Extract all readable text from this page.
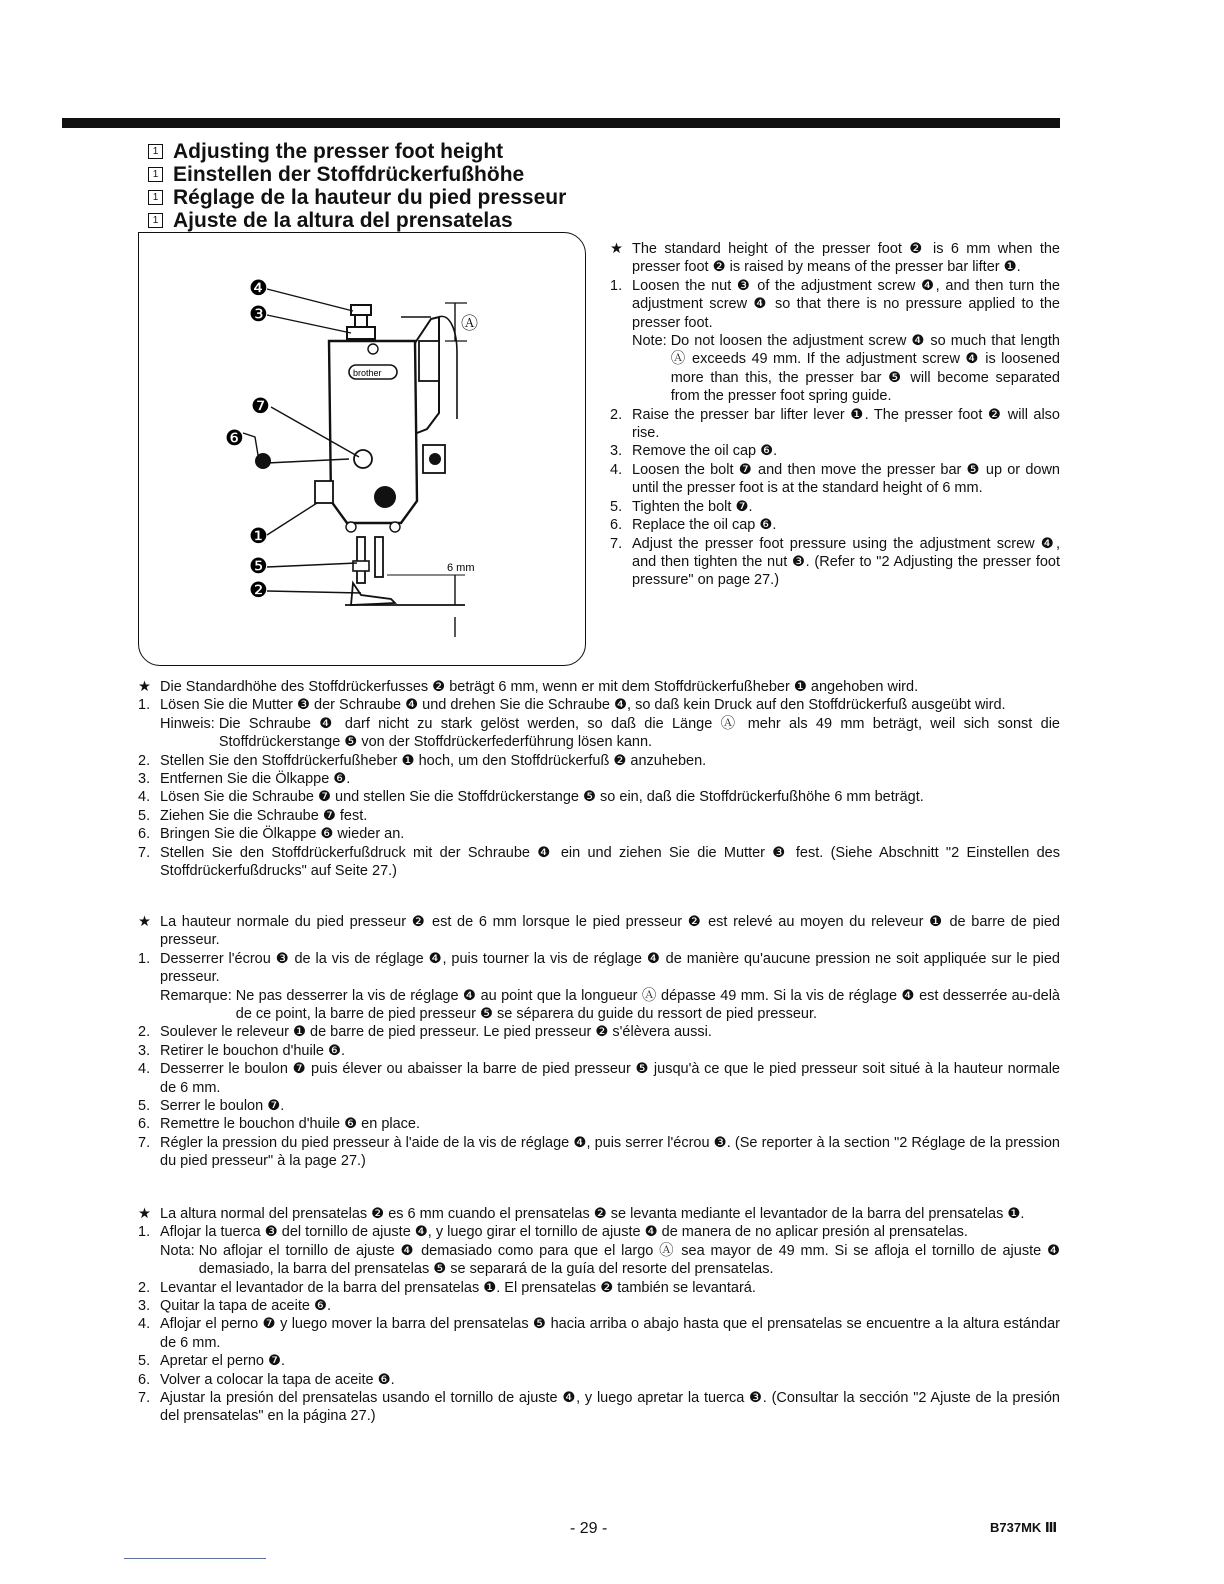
1 Adjusting the presser foot height
1 Einstellen der Stoffdrückerfußhöhe
1 Réglage de la hauteur du pied presseur
1 Ajuste de la altura del prensatelas
brother
6 mm
Ⓐ
❹
❸
❼
❻
❶
❺
❷
★ The standard height of the presser foot ❷ is 6 mm when the presser foot ❷ is raised by means of the presser bar lifter ❶.
1. Loosen the nut ❸ of the adjustment screw ❹, and then turn the adjustment screw ❹ so that there is no pressure applied to the presser foot.
Note: Do not loosen the adjustment screw ❹ so much that length Ⓐ exceeds 49 mm. If the adjustment screw ❹ is loosened more than this, the presser bar ❺ will become separated from the presser foot spring guide.
2. Raise the presser bar lifter lever ❶. The presser foot ❷ will also rise.
3. Remove the oil cap ❻.
4. Loosen the bolt ❼ and then move the presser bar ❺ up or down until the presser foot is at the standard height of 6 mm.
5. Tighten the bolt ❼.
6. Replace the oil cap ❻.
7. Adjust the presser foot pressure using the adjustment screw ❹, and then tighten the nut ❸. (Refer to "2 Adjusting the presser foot pressure" on page 27.)
★ Die Standardhöhe des Stoffdrückerfusses ❷ beträgt 6 mm, wenn er mit dem Stoffdrückerfußheber ❶ angehoben wird.
1. Lösen Sie die Mutter ❸ der Schraube ❹ und drehen Sie die Schraube ❹, so daß kein Druck auf den Stoffdrückerfuß ausgeübt wird.
Hinweis: Die Schraube ❹ darf nicht zu stark gelöst werden, so daß die Länge Ⓐ mehr als 49 mm beträgt, weil sich sonst die Stoffdrückerstange ❺ von der Stoffdrückerfederführung lösen kann.
2. Stellen Sie den Stoffdrückerfußheber ❶ hoch, um den Stoffdrückerfuß ❷ anzuheben.
3. Entfernen Sie die Ölkappe ❻.
4. Lösen Sie die Schraube ❼ und stellen Sie die Stoffdrückerstange ❺ so ein, daß die Stoffdrückerfußhöhe 6 mm beträgt.
5. Ziehen Sie die Schraube ❼ fest.
6. Bringen Sie die Ölkappe ❻ wieder an.
7. Stellen Sie den Stoffdrückerfußdruck mit der Schraube ❹ ein und ziehen Sie die Mutter ❸ fest. (Siehe Abschnitt "2 Einstellen des Stoffdrückerfußdrucks" auf Seite 27.)
★ La hauteur normale du pied presseur ❷ est de 6 mm lorsque le pied presseur ❷ est relevé au moyen du releveur ❶ de barre de pied presseur.
1. Desserrer l'écrou ❸ de la vis de réglage ❹, puis tourner la vis de réglage ❹ de manière qu'aucune pression ne soit appliquée sur le pied presseur.
Remarque: Ne pas desserrer la vis de réglage ❹ au point que la longueur Ⓐ dépasse 49 mm. Si la vis de réglage ❹ est desserrée au-delà de ce point, la barre de pied presseur ❺ se séparera du guide du ressort de pied presseur.
2. Soulever le releveur ❶ de barre de pied presseur. Le pied presseur ❷ s'élèvera aussi.
3. Retirer le bouchon d'huile ❻.
4. Desserrer le boulon ❼ puis élever ou abaisser la barre de pied presseur ❺ jusqu'à ce que le pied presseur soit situé à la hauteur normale de 6 mm.
5. Serrer le boulon ❼.
6. Remettre le bouchon d'huile ❻ en place.
7. Régler la pression du pied presseur à l'aide de la vis de réglage ❹, puis serrer l'écrou ❸. (Se reporter à la section "2 Réglage de la pression du pied presseur" à la page 27.)
★ La altura normal del prensatelas ❷ es 6 mm cuando el prensatelas ❷ se levanta mediante el levantador de la barra del prensatelas ❶.
1. Aflojar la tuerca ❸ del tornillo de ajuste ❹, y luego girar el tornillo de ajuste ❹ de manera de no aplicar presión al prensatelas.
Nota: No aflojar el tornillo de ajuste ❹ demasiado como para que el largo Ⓐ sea mayor de 49 mm. Si se afloja el tornillo de ajuste ❹ demasiado, la barra del prensatelas ❺ se separará de la guía del resorte del prensatelas.
2. Levantar el levantador de la barra del prensatelas ❶. El prensatelas ❷ también se levantará.
3. Quitar la tapa de aceite ❻.
4. Aflojar el perno ❼ y luego mover la barra del prensatelas ❺ hacia arriba o abajo hasta que el prensatelas se encuentre a la altura estándar de 6 mm.
5. Apretar el perno ❼.
6. Volver a colocar la tapa de aceite ❻.
7. Ajustar la presión del prensatelas usando el tornillo de ajuste ❹, y luego apretar la tuerca ❸. (Consultar la sección "2 Ajuste de la presión del prensatelas" en la página 27.)
- 29 -	B737MK Ⅲ
